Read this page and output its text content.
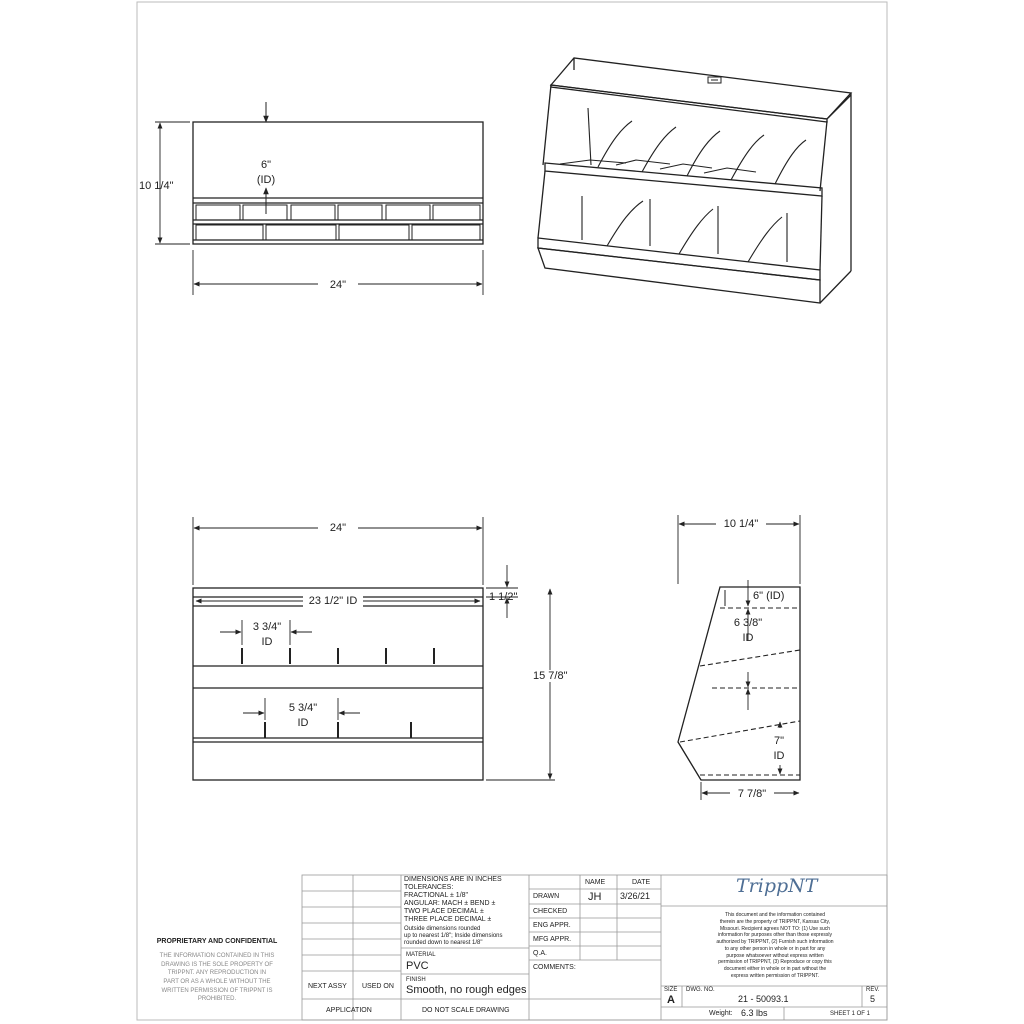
10 1/4"
24"
6"
(ID)
24"
23 1/2" ID	1 1/2"
15 7/8"
3 3/4"
ID
5 3/4"
ID
10 1/4"
6" (ID)
6 3/8"
ID
7"
ID
7 7/8"
DIMENSIONS ARE IN INCHES
TOLERANCES:
FRACTIONAL ± 1/8"
ANGULAR: MACH ± BEND ±
TWO PLACE DECIMAL ±
THREE PLACE DECIMAL ±
Outside dimensions rounded
up to nearest 1/8"; Inside dimensions
rounded down to nearest 1/8"
MATERIAL
PVC
FINISH
Smooth, no rough edges
NEXT ASSY USED ON
APPLICATION	DO NOT SCALE DRAWING
NAME	DATE
DRAWN	JH 3/26/21
CHECKED
ENG APPR.
MFG APPR.
Q.A.
COMMENTS:
TrippNT
This document and the information contained
therein are the property of TRIPPNT, Kansas City,
Missouri. Recipient agrees NOT TO: (1) Use such
information for purposes other than those expressly
authorized by TRIPPNT, (2) Furnish such information
to any other person in whole or in part for any
purpose whatsoever without express written
permission of TRIPPNT, (3) Reproduce or copy this
document either in whole or in part without the
express written permission of TRIPPNT.
SIZE
A
DWG. NO.
21 - 50093.1
REV.
5
Weight: 6.3 lbs	SHEET 1 OF 1
PROPRIETARY AND CONFIDENTIAL
THE INFORMATION CONTAINED IN THIS
DRAWING IS THE SOLE PROPERTY OF
TRIPPNT. ANY REPRODUCTION IN
PART OR AS A WHOLE WITHOUT THE
WRITTEN PERMISSION OF TRIPPNT IS
PROHIBITED.
